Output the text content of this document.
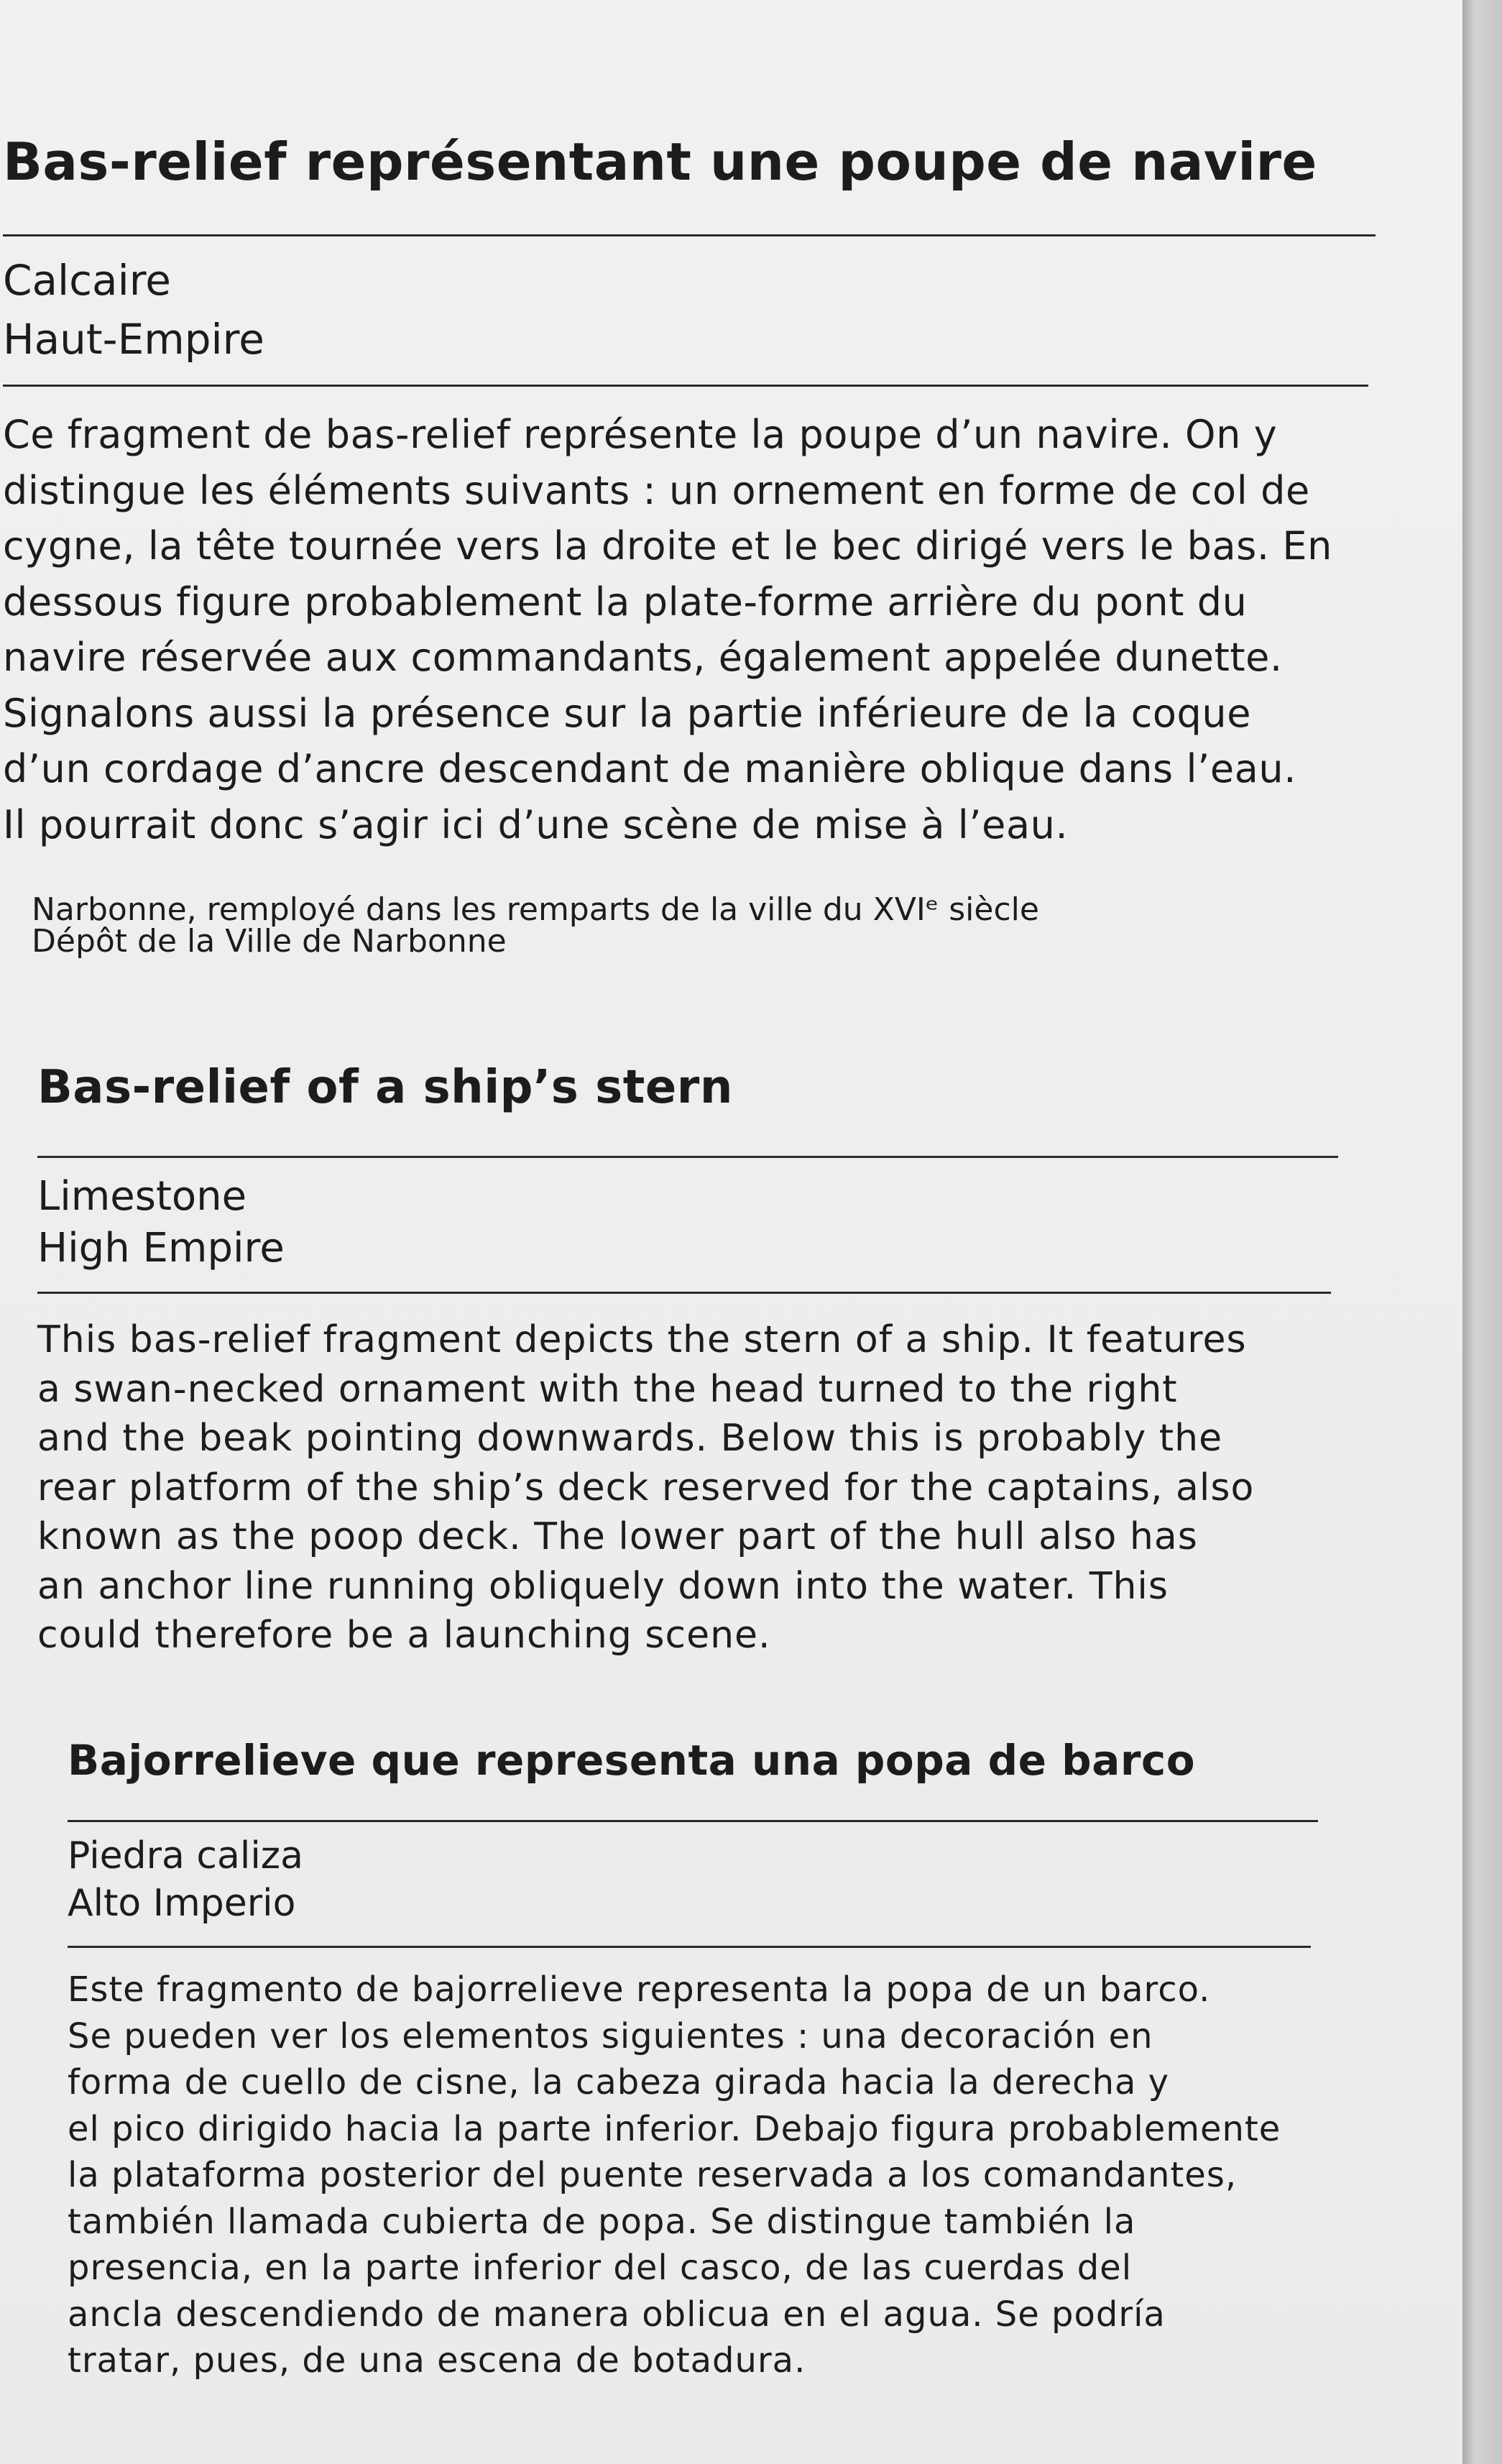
Bas-relief représentant une poupe de navire
Calcaire
Haut-Empire
Ce fragment de bas-relief représente la poupe d’un navire. On y
distingue les éléments suivants : un ornement en forme de col de
cygne, la tête tournée vers la droite et le bec dirigé vers le bas. En
dessous figure probablement la plate-forme arrière du pont du
navire réservée aux commandants, également appelée dunette.
Signalons aussi la présence sur la partie inférieure de la coque
d’un cordage d’ancre descendant de manière oblique dans l’eau.
Il pourrait donc s’agir ici d’une scène de mise à l’eau.
Narbonne, remployé dans les remparts de la ville du XVIᵉ siècle
Dépôt de la Ville de Narbonne
Bas-relief of a ship’s stern
Limestone
High Empire
This bas-relief fragment depicts the stern of a ship. It features
a swan-necked ornament with the head turned to the right
and the beak pointing downwards. Below this is probably the
rear platform of the ship’s deck reserved for the captains, also
known as the poop deck. The lower part of the hull also has
an anchor line running obliquely down into the water. This
could therefore be a launching scene.
Bajorrelieve que representa una popa de barco
Piedra caliza
Alto Imperio
Este fragmento de bajorrelieve representa la popa de un barco.
Se pueden ver los elementos siguientes : una decoración en
forma de cuello de cisne, la cabeza girada hacia la derecha y
el pico dirigido hacia la parte inferior. Debajo figura probablemente
la plataforma posterior del puente reservada a los comandantes,
también llamada cubierta de popa. Se distingue también la
presencia, en la parte inferior del casco, de las cuerdas del
ancla descendiendo de manera oblicua en el agua. Se podría
tratar, pues, de una escena de botadura.
